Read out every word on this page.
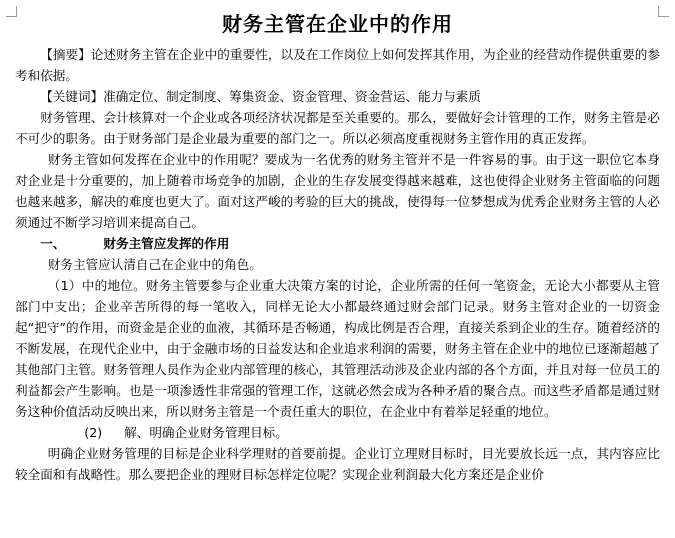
财务主管在企业中的作用

【摘要】论述财务主管在企业中的重要性，以及在工作岗位上如何发挥其作用，为企业的经营动作提供重要的参考和依据。

【关键词】准确定位、制定制度、筹集资金、资金管理、资金营运、能力与素质

财务管理、会计核算对一个企业或各项经济状况都是至关重要的。那么，要做好会计管理的工作，财务主管是必不可少的职务。由于财务部门是企业最为重要的部门之一。所以必须高度重视财务主管作用的真正发挥。

财务主管如何发挥在企业中的作用呢？要成为一名优秀的财务主管并不是一件容易的事。由于这一职位它本身对企业是十分重要的，加上随着市场竞争的加剧，企业的生存发展变得越来越难，这也使得企业财务主管面临的问题也越来越多，解决的难度也更大了。面对这严峻的考验的巨大的挑战，使得每一位梦想成为优秀企业财务主管的人必须通过不断学习培训来提高自己。

一、	财务主管应发挥的作用

财务主管应认清自己在企业中的角色。

（1）中的地位。财务主管要参与企业重大决策方案的讨论，企业所需的任何一笔资金，无论大小都要从主管部门中支出；企业辛苦所得的每一笔收入，同样无论大小都最终通过财会部门记录。财务主管对企业的一切资金起“把守”的作用，而资金是企业的血液，其循环是否畅通，构成比例是否合理，直接关系到企业的生存。随着经济的不断发展，在现代企业中，由于金融市场的日益发达和企业追求利润的需要，财务主管在企业中的地位已逐渐超越了其他部门主管。财务管理人员作为企业内部管理的核心，其管理活动涉及企业内部的各个方面，并且对每一位员工的利益都会产生影响。也是一项渗透性非常强的管理工作，这就必然会成为各种矛盾的聚合点。而这些矛盾都是通过财务这种价值活动反映出来，所以财务主管是一个责任重大的职位，在企业中有着举足轻重的地位。

(2) 解、明确企业财务管理目标。

明确企业财务管理的目标是企业科学理财的首要前提。企业订立理财目标时，目光要放长远一点，其内容应比较全面和有战略性。那么要把企业的理财目标怎样定位呢？实现企业利润最大化方案还是企业价
